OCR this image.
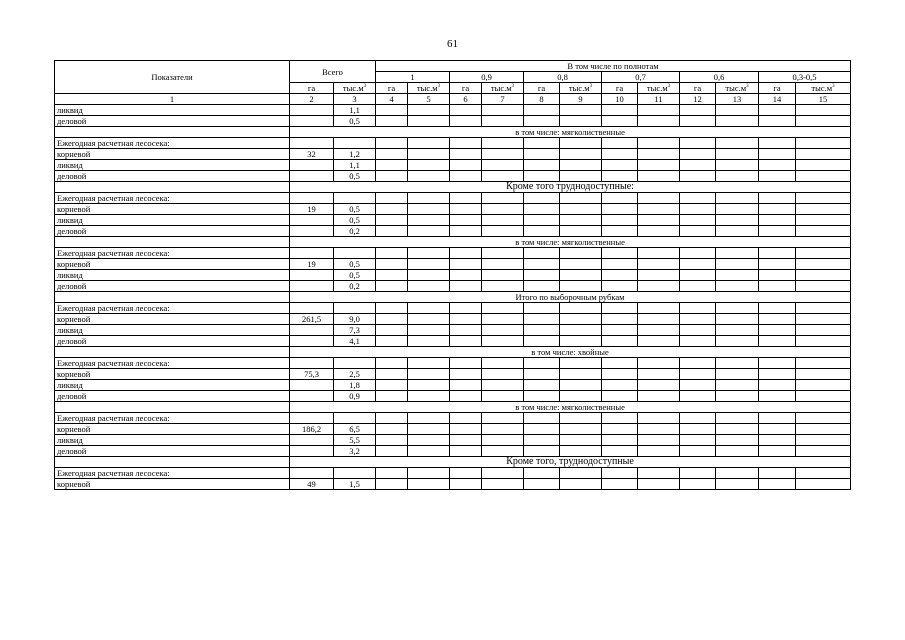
61
Показатели	Всего		В том числе по полнотам											
			1		0,9		0,8		0,7		0,6		0,3-0,5	
	га	$тыс.м^3$	га	$тыс.м^3$	га	$тыс.м^3$	га	$тыс.м^3$	га	$тыс.м^3$	га	$тыс.м^3$	га	$тыс.м^3$
1	2	3	4	5	6	7	8	9	10	11	12	13	14	15
ликвид		1,1												
деловой		0,5												
	в том числе: мягколиственные													
Ежегодная расчетная лесосека:														
корневой	32	1,2												
ликвид		1,1												
деловой		0,5												
	Кроме того труднодоступные:													
Ежегодная расчетная лесосека:														
корневой	19	0,5												
ликвид		0,5												
деловой		0,2												
	в том числе: мягколиственные													
Ежегодная расчетная лесосека:														
корневой	19	0,5												
ликвид		0,5												
деловой		0,2												
	Итого по выборочным рубкам													
Ежегодная расчетная лесосека:														
корневой	261,5	9,0												
ликвид		7,3												
деловой		4,1												
	в том числе: хвойные													
Ежегодная расчетная лесосека:														
корневой	75,3	2,5												
ликвид		1,8												
деловой		0,9												
	в том числе: мягколиственные													
Ежегодная расчетная лесосека:														
корневой	186,2	6,5												
ликвид		5,5												
деловой		3,2												
	Кроме того, труднодоступные													
Ежегодная расчетная лесосека:														
корневой	49	1,5												
